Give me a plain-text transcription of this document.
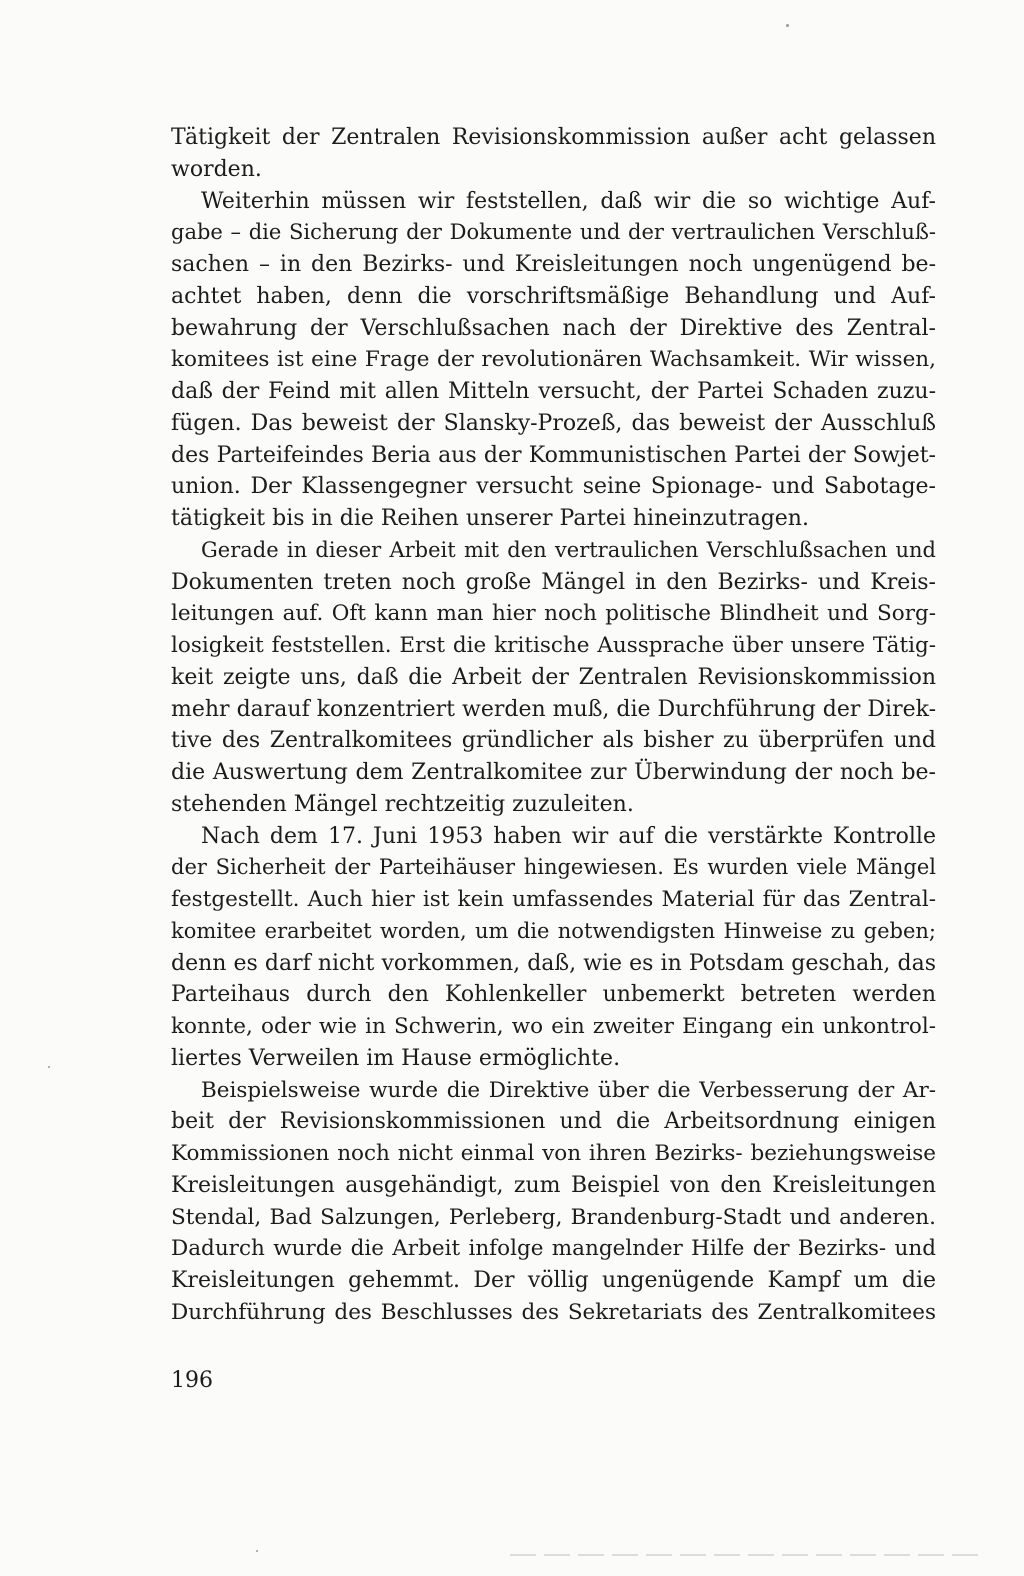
Tätigkeit der Zentralen Revisionskommission außer acht gelassen
worden.
Weiterhin müssen wir feststellen, daß wir die so wichtige Auf-
gabe – die Sicherung der Dokumente und der vertraulichen Verschluß-
sachen – in den Bezirks- und Kreisleitungen noch ungenügend be-
achtet haben, denn die vorschriftsmäßige Behandlung und Auf-
bewahrung der Verschlußsachen nach der Direktive des Zentral-
komitees ist eine Frage der revolutionären Wachsamkeit. Wir wissen,
daß der Feind mit allen Mitteln versucht, der Partei Schaden zuzu-
fügen. Das beweist der Slansky-Prozeß, das beweist der Ausschluß
des Parteifeindes Beria aus der Kommunistischen Partei der Sowjet-
union. Der Klassengegner versucht seine Spionage- und Sabotage-
tätigkeit bis in die Reihen unserer Partei hineinzutragen.
Gerade in dieser Arbeit mit den vertraulichen Verschlußsachen und
Dokumenten treten noch große Mängel in den Bezirks- und Kreis-
leitungen auf. Oft kann man hier noch politische Blindheit und Sorg-
losigkeit feststellen. Erst die kritische Aussprache über unsere Tätig-
keit zeigte uns, daß die Arbeit der Zentralen Revisionskommission
mehr darauf konzentriert werden muß, die Durchführung der Direk-
tive des Zentralkomitees gründlicher als bisher zu überprüfen und
die Auswertung dem Zentralkomitee zur Überwindung der noch be-
stehenden Mängel rechtzeitig zuzuleiten.
Nach dem 17. Juni 1953 haben wir auf die verstärkte Kontrolle
der Sicherheit der Parteihäuser hingewiesen. Es wurden viele Mängel
festgestellt. Auch hier ist kein umfassendes Material für das Zentral-
komitee erarbeitet worden, um die notwendigsten Hinweise zu geben;
denn es darf nicht vorkommen, daß, wie es in Potsdam geschah, das
Parteihaus durch den Kohlenkeller unbemerkt betreten werden
konnte, oder wie in Schwerin, wo ein zweiter Eingang ein unkontrol-
liertes Verweilen im Hause ermöglichte.
Beispielsweise wurde die Direktive über die Verbesserung der Ar-
beit der Revisionskommissionen und die Arbeitsordnung einigen
Kommissionen noch nicht einmal von ihren Bezirks- beziehungsweise
Kreisleitungen ausgehändigt, zum Beispiel von den Kreisleitungen
Stendal, Bad Salzungen, Perleberg, Brandenburg-Stadt und anderen.
Dadurch wurde die Arbeit infolge mangelnder Hilfe der Bezirks- und
Kreisleitungen gehemmt. Der völlig ungenügende Kampf um die
Durchführung des Beschlusses des Sekretariats des Zentralkomitees
196
